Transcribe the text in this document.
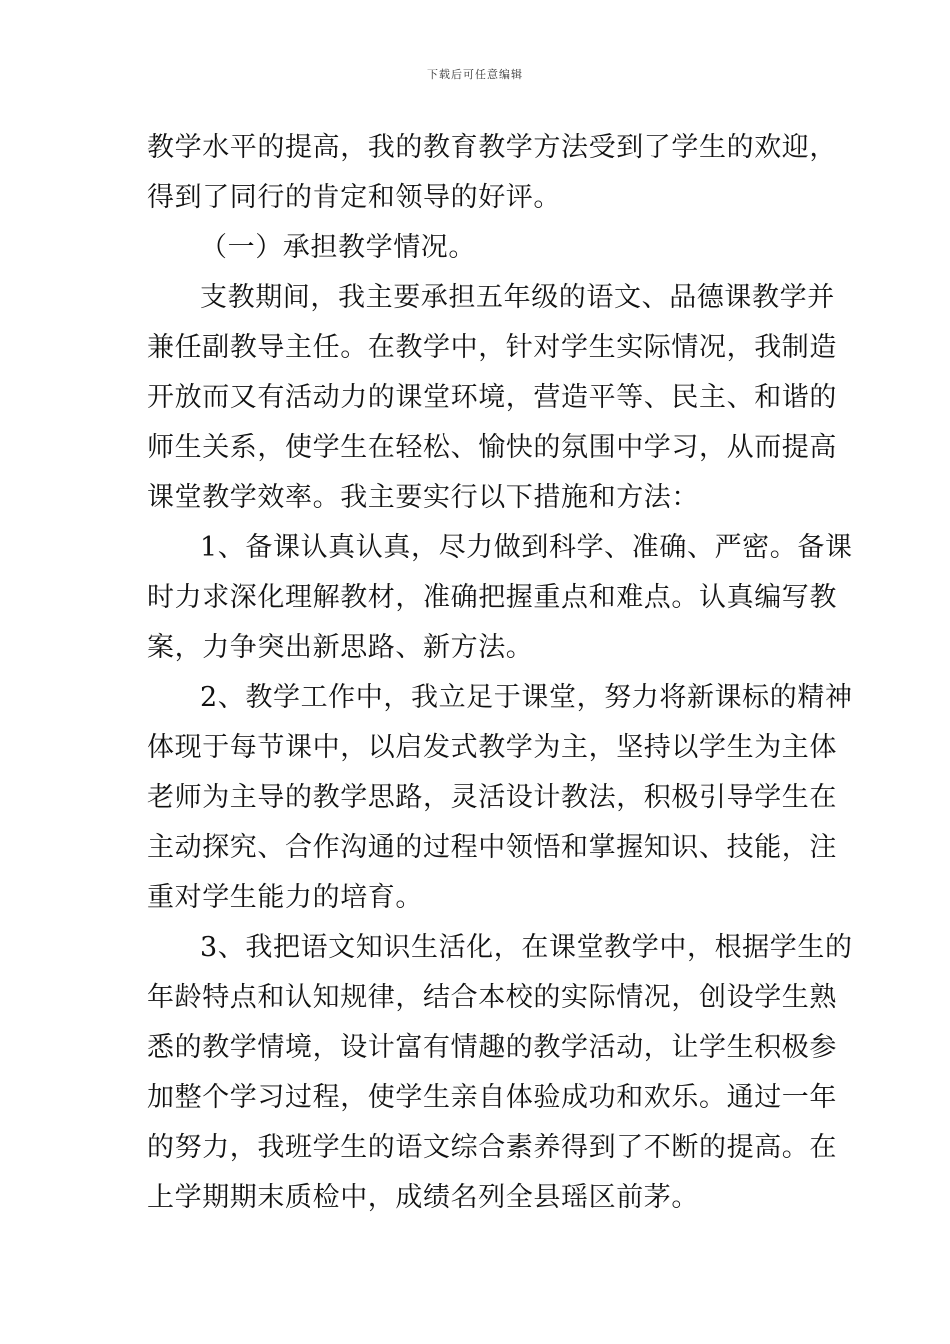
下载后可任意编辑
教学水平的提高，我的教育教学方法受到了学生的欢迎，
得到了同行的肯定和领导的好评。
（一）承担教学情况。
支教期间，我主要承担五年级的语文、品德课教学并
兼任副教导主任。在教学中，针对学生实际情况，我制造
开放而又有活动力的课堂环境，营造平等、民主、和谐的
师生关系，使学生在轻松、愉快的氛围中学习，从而提高
课堂教学效率。我主要实行以下措施和方法：
1、备课认真认真，尽力做到科学、准确、严密。备课
时力求深化理解教材，准确把握重点和难点。认真编写教
案，力争突出新思路、新方法。
2、教学工作中，我立足于课堂，努力将新课标的精神
体现于每节课中，以启发式教学为主，坚持以学生为主体
老师为主导的教学思路，灵活设计教法，积极引导学生在
主动探究、合作沟通的过程中领悟和掌握知识、技能，注
重对学生能力的培育。
3、我把语文知识生活化，在课堂教学中，根据学生的
年龄特点和认知规律，结合本校的实际情况，创设学生熟
悉的教学情境，设计富有情趣的教学活动，让学生积极参
加整个学习过程，使学生亲自体验成功和欢乐。通过一年
的努力，我班学生的语文综合素养得到了不断的提高。在
上学期期末质检中，成绩名列全县瑶区前茅。
